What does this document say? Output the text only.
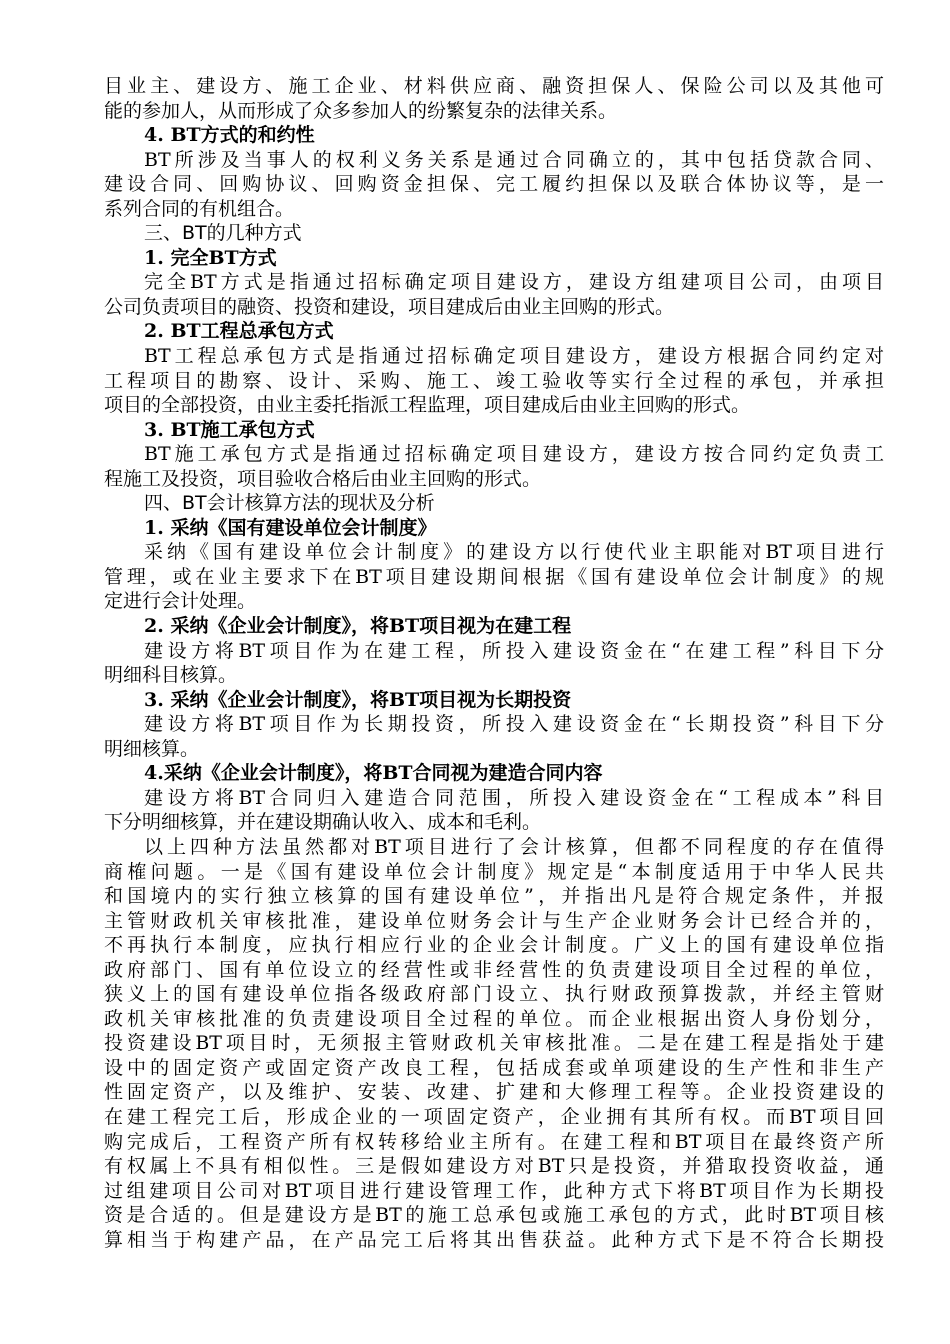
目业主、建设方、施工企业、材料供应商、融资担保人、保险公司以及其他可
能的参加人，从而形成了众多参加人的纷繁复杂的法律关系。
4. BT方式的和约性
BT所涉及当事人的权利义务关系是通过合同确立的，其中包括贷款合同、
建设合同、回购协议、回购资金担保、完工履约担保以及联合体协议等，是一
系列合同的有机组合。
三、BT的几种方式
1. 完全BT方式
完全BT方式是指通过招标确定项目建设方，建设方组建项目公司，由项目
公司负责项目的融资、投资和建设，项目建成后由业主回购的形式。
2. BT工程总承包方式
BT工程总承包方式是指通过招标确定项目建设方，建设方根据合同约定对
工程项目的勘察、设计、采购、施工、竣工验收等实行全过程的承包，并承担
项目的全部投资，由业主委托指派工程监理，项目建成后由业主回购的形式。
3. BT施工承包方式
BT施工承包方式是指通过招标确定项目建设方，建设方按合同约定负责工
程施工及投资，项目验收合格后由业主回购的形式。
四、BT会计核算方法的现状及分析
1. 采纳《国有建设单位会计制度》
采纳《国有建设单位会计制度》的建设方以行使代业主职能对BT项目进行
管理，或在业主要求下在BT项目建设期间根据《国有建设单位会计制度》的规
定进行会计处理。
2. 采纳《企业会计制度》，将BT项目视为在建工程
建设方将BT项目作为在建工程，所投入建设资金在“在建工程”科目下分
明细科目核算。
3. 采纳《企业会计制度》，将BT项目视为长期投资
建设方将BT项目作为长期投资，所投入建设资金在“长期投资”科目下分
明细核算。
4.采纳《企业会计制度》，将BT合同视为建造合同内容
建设方将BT合同归入建造合同范围，所投入建设资金在“工程成本”科目
下分明细核算，并在建设期确认收入、成本和毛利。
以上四种方法虽然都对BT项目进行了会计核算，但都不同程度的存在值得
商榷问题。一是《国有建设单位会计制度》规定是“本制度适用于中华人民共
和国境内的实行独立核算的国有建设单位”，并指出凡是符合规定条件，并报
主管财政机关审核批准，建设单位财务会计与生产企业财务会计已经合并的，
不再执行本制度，应执行相应行业的企业会计制度。广义上的国有建设单位指
政府部门、国有单位设立的经营性或非经营性的负责建设项目全过程的单位，
狭义上的国有建设单位指各级政府部门设立、执行财政预算拨款，并经主管财
政机关审核批准的负责建设项目全过程的单位。而企业根据出资人身份划分，
投资建设BT项目时，无须报主管财政机关审核批准。二是在建工程是指处于建
设中的固定资产或固定资产改良工程，包括成套或单项建设的生产性和非生产
性固定资产，以及维护、安装、改建、扩建和大修理工程等。企业投资建设的
在建工程完工后，形成企业的一项固定资产，企业拥有其所有权。而BT项目回
购完成后，工程资产所有权转移给业主所有。在建工程和BT项目在最终资产所
有权属上不具有相似性。三是假如建设方对BT只是投资，并猎取投资收益，通
过组建项目公司对BT项目进行建设管理工作，此种方式下将BT项目作为长期投
资是合适的。但是建设方是BT的施工总承包或施工承包的方式，此时BT项目核
算相当于构建产品，在产品完工后将其出售获益。此种方式下是不符合长期投
